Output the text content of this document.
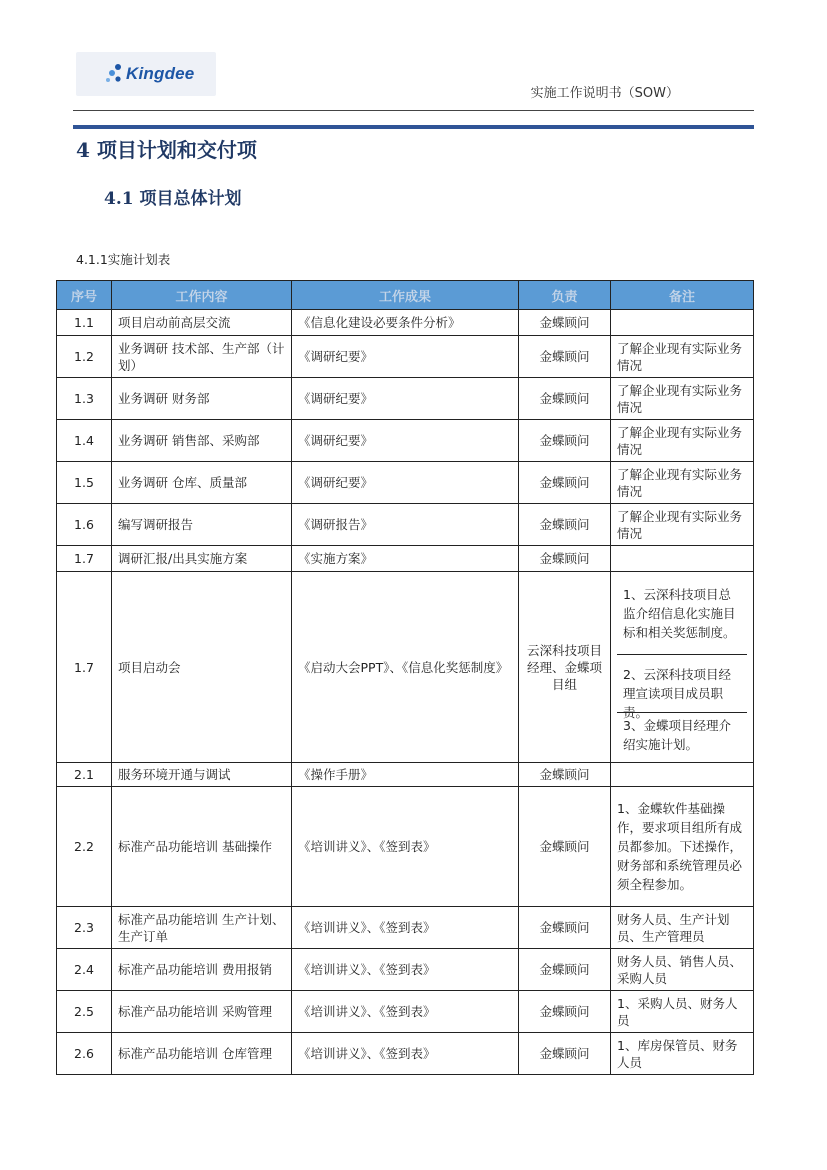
Kingdee
实施工作说明书（SOW）
4 项目计划和交付项
4.1 项目总体计划
4.1.1实施计划表
序号	工作内容	工作成果	负责	备注
1.1	项目启动前高层交流	《信息化建设必要条件分析》	金蝶顾问	
1.2	业务调研 技术部、生产部（计划）	《调研纪要》	金蝶顾问	了解企业现有实际业务情况
1.3	业务调研 财务部	《调研纪要》	金蝶顾问	了解企业现有实际业务情况
1.4	业务调研 销售部、采购部	《调研纪要》	金蝶顾问	了解企业现有实际业务情况
1.5	业务调研 仓库、质量部	《调研纪要》	金蝶顾问	了解企业现有实际业务情况
1.6	编写调研报告	《调研报告》	金蝶顾问	了解企业现有实际业务情况
1.7	调研汇报/出具实施方案	《实施方案》	金蝶顾问	
1.7	项目启动会	《启动大会PPT》、《信息化奖惩制度》	云深科技项目经理、金蝶项目组	1、云深科技项目总监介绍信息化实施目标和相关奖惩制度。
2、云深科技项目经理宣读项目成员职责。
3、金蝶项目经理介绍实施计划。

2.1	服务环境开通与调试	《操作手册》	金蝶顾问	
2.2	标准产品功能培训 基础操作	《培训讲义》、《签到表》	金蝶顾问	1、金蝶软件基础操作，要求项目组所有成员都参加。下述操作，财务部和系统管理员必须全程参加。
2.3	标准产品功能培训 生产计划、生产订单	《培训讲义》、《签到表》	金蝶顾问	财务人员、生产计划员、生产管理员
2.4	标准产品功能培训 费用报销	《培训讲义》、《签到表》	金蝶顾问	财务人员、销售人员、采购人员
2.5	标准产品功能培训 采购管理	《培训讲义》、《签到表》	金蝶顾问	1、采购人员、财务人员
2.6	标准产品功能培训 仓库管理	《培训讲义》、《签到表》	金蝶顾问	1、库房保管员、财务人员
